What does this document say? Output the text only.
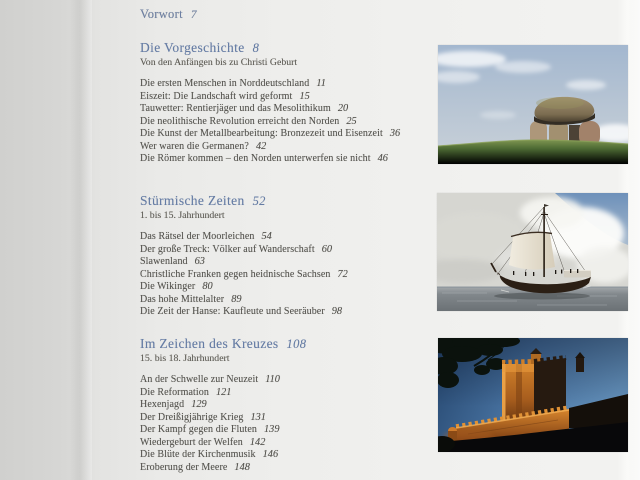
Vorwort 7
Die Vorgeschichte 8
Von den Anfängen bis zu Christi Geburt
Die ersten Menschen in Norddeutschland 11
Eiszeit: Die Landschaft wird geformt 15
Tauwetter: Rentierjäger und das Mesolithikum 20
Die neolithische Revolution erreicht den Norden 25
Die Kunst der Metallbearbeitung: Bronzezeit und Eisenzeit 36
Wer waren die Germanen? 42
Die Römer kommen – den Norden unterwerfen sie nicht 46
Stürmische Zeiten 52
1. bis 15. Jahrhundert
Das Rätsel der Moorleichen 54
Der große Treck: Völker auf Wanderschaft 60
Slawenland 63
Christliche Franken gegen heidnische Sachsen 72
Die Wikinger 80
Das hohe Mittelalter 89
Die Zeit der Hanse: Kaufleute und Seeräuber 98
Im Zeichen des Kreuzes 108
15. bis 18. Jahrhundert
An der Schwelle zur Neuzeit 110
Die Reformation 121
Hexenjagd 129
Der Dreißigjährige Krieg 131
Der Kampf gegen die Fluten 139
Wiedergeburt der Welfen 142
Die Blüte der Kirchenmusik 146
Eroberung der Meere 148
